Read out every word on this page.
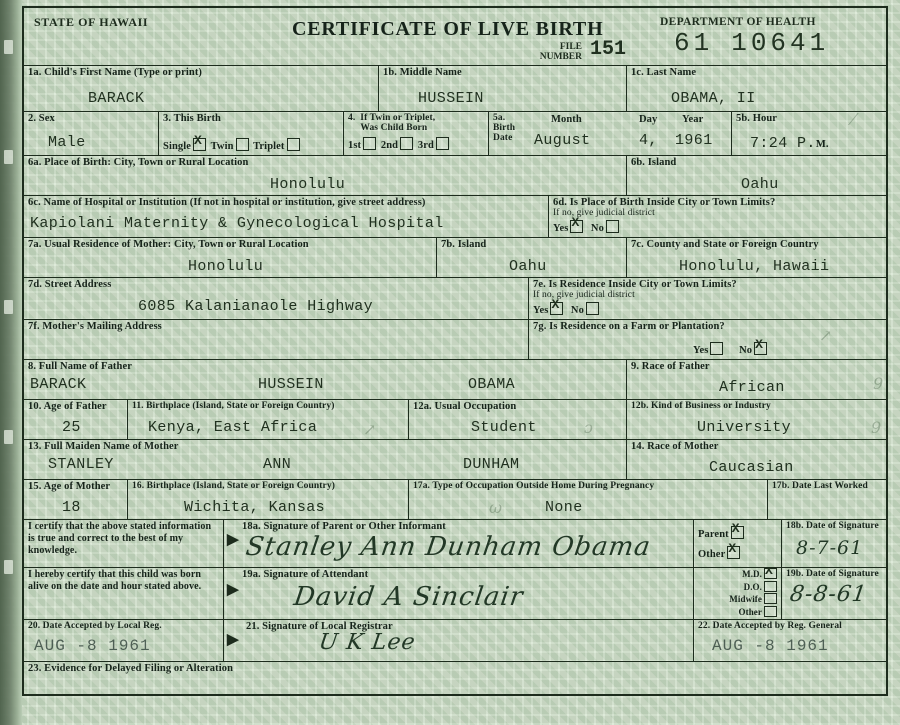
STATE OF HAWAII	CERTIFICATE OF LIVE BIRTH
FILE
NUMBER 151
DEPARTMENT OF HEALTH
61 10641
1a. Child's First Name (Type or print)
BARACK
1b. Middle Name
HUSSEIN
1c. Last Name
OBAMA, II
2. Sex
Male
3. This Birth
Single X Twin Triplet
4.  If Twin or Triplet,
Was Child Born
1st 2nd 3rd
5a.
Birth
Date
Month	Day Year
August	4, 1961
5b. Hour
7:24 P.M.
⁄
6a. Place of Birth: City, Town or Rural Location
Honolulu
6b. Island
Oahu
6c. Name of Hospital or Institution (If not in hospital or institution, give street address)
Kapiolani Maternity & Gynecological Hospital
6d. Is Place of Birth Inside City or Town Limits?
If no, give judicial district
Yes X No
7a. Usual Residence of Mother: City, Town or Rural Location
Honolulu
7b. Island
Oahu
7c. County and State or Foreign Country
Honolulu, Hawaii
7d. Street Address
6085 Kalanianaole Highway
7e. Is Residence Inside City or Town Limits?
If no, give judicial district
Yes X No
7f. Mother's Mailing Address	7g. Is Residence on a Farm or Plantation?
Yes	NoX
↗
8. Full Name of Father
BARACK	HUSSEIN	OBAMA
9. Race of Father
African	9
10. Age of Father
25
11. Birthplace (Island, State or Foreign Country)
Kenya, East Africa	↗
12a. Usual Occupation
Student	ɔ
12b. Kind of Business or Industry
University	9
13. Full Maiden Name of Mother
STANLEY	ANN	DUNHAM
14. Race of Mother
Caucasian
15. Age of Mother
18
16. Birthplace (Island, State or Foreign Country)
Wichita, Kansas
17a. Type of Occupation Outside Home During Pregnancy
None
ω
17b. Date Last Worked
I certify that the above stated information is true and correct to the best of my knowledge.
18a. Signature of Parent or Other Informant
▶ Stanley Ann Dunham Obama	ParentX
OtherX
18b. Date of Signature
8-7-61
I hereby certify that this child was born alive on the date and hour stated above.
19a. Signature of Attendant
▶ David A Sinclair
M.D.X
D.O.
Midwife
Other
19b. Date of Signature
8-8-61
20. Date Accepted by Local Reg.
AUG -8 1961
21. Signature of Local Registrar
▶	U K Lee
22. Date Accepted by Reg. General
AUG -8 1961
23. Evidence for Delayed Filing or Alteration
